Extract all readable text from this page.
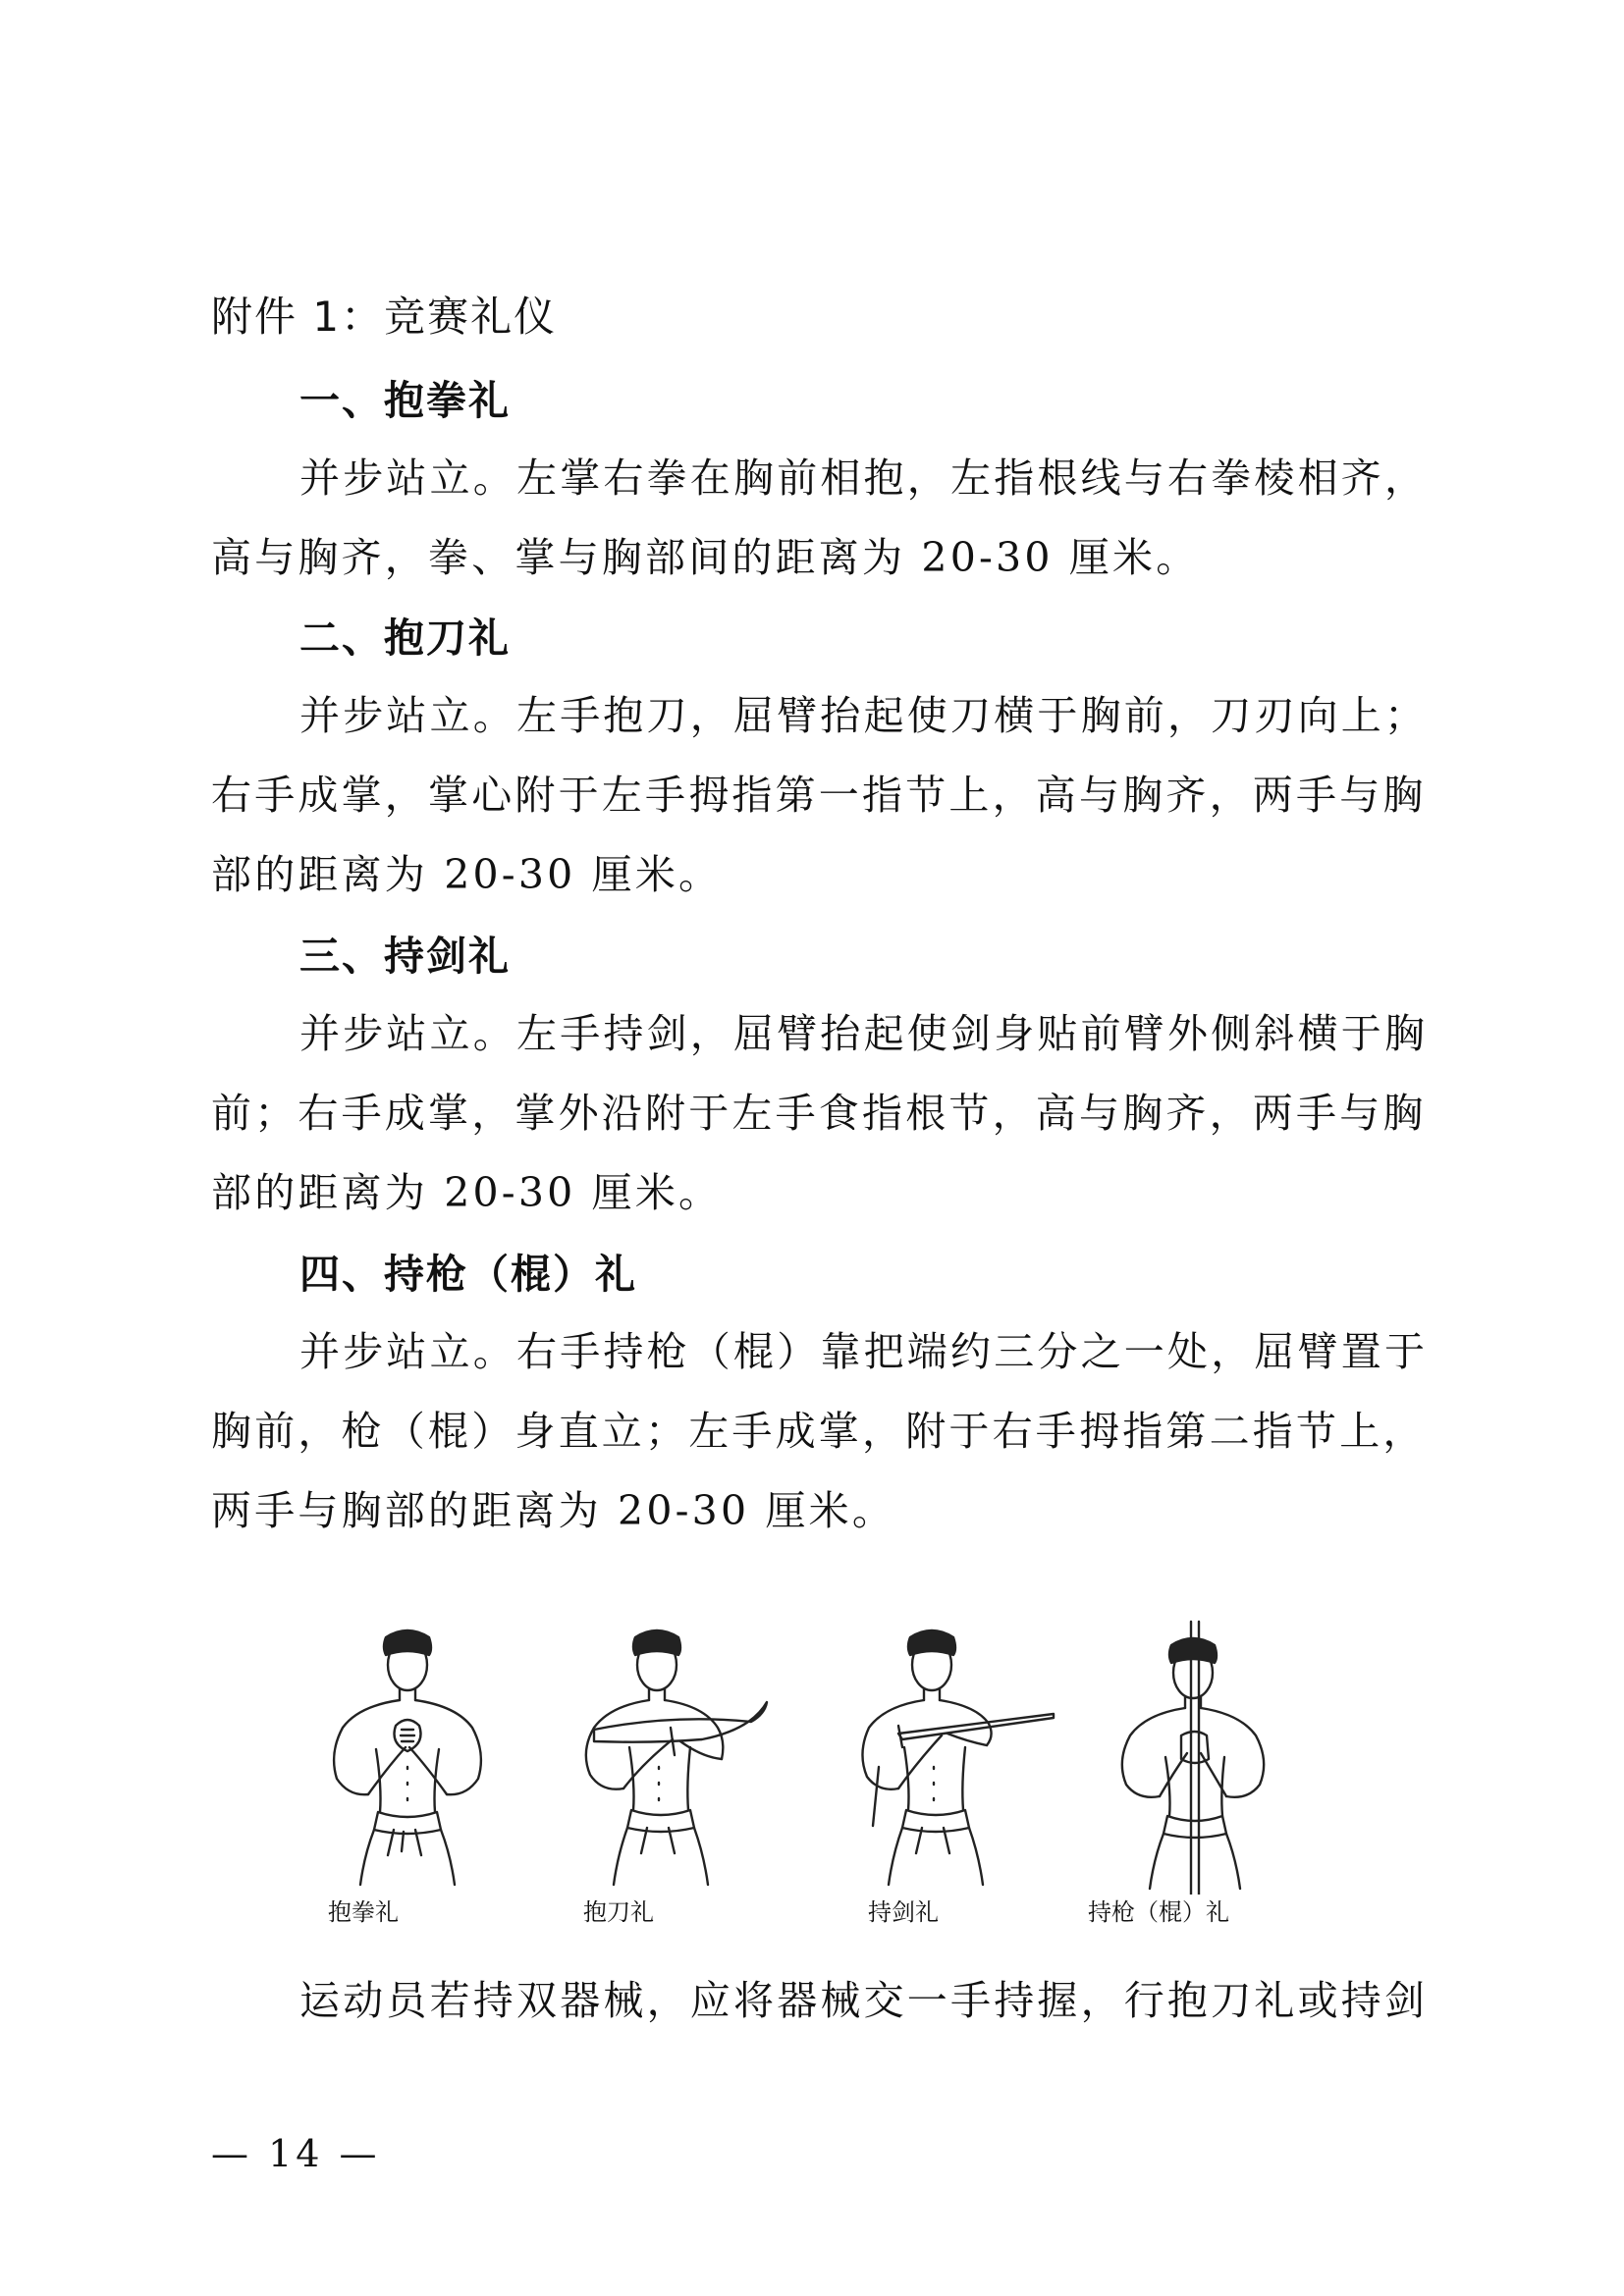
附件 1：竞赛礼仪
一、抱拳礼

并步站立。左掌右拳在胸前相抱，左指根线与右拳棱相齐，高与胸齐，拳、掌与胸部间的距离为 20-30 厘米。

二、抱刀礼

并步站立。左手抱刀，屈臂抬起使刀横于胸前，刀刃向上；右手成掌，掌心附于左手拇指第一指节上，高与胸齐，两手与胸部的距离为 20-30 厘米。

三、持剑礼

并步站立。左手持剑，屈臂抬起使剑身贴前臂外侧斜横于胸前；右手成掌，掌外沿附于左手食指根节，高与胸齐，两手与胸部的距离为 20-30 厘米。

四、持枪（棍）礼

并步站立。右手持枪（棍）靠把端约三分之一处，屈臂置于胸前，枪（棍）身直立；左手成掌，附于右手拇指第二指节上，两手与胸部的距离为 20-30 厘米。

抱拳礼	抱刀礼	持剑礼	持枪（棍）礼

运动员若持双器械，应将器械交一手持握，行抱刀礼或持剑

— 14 —
